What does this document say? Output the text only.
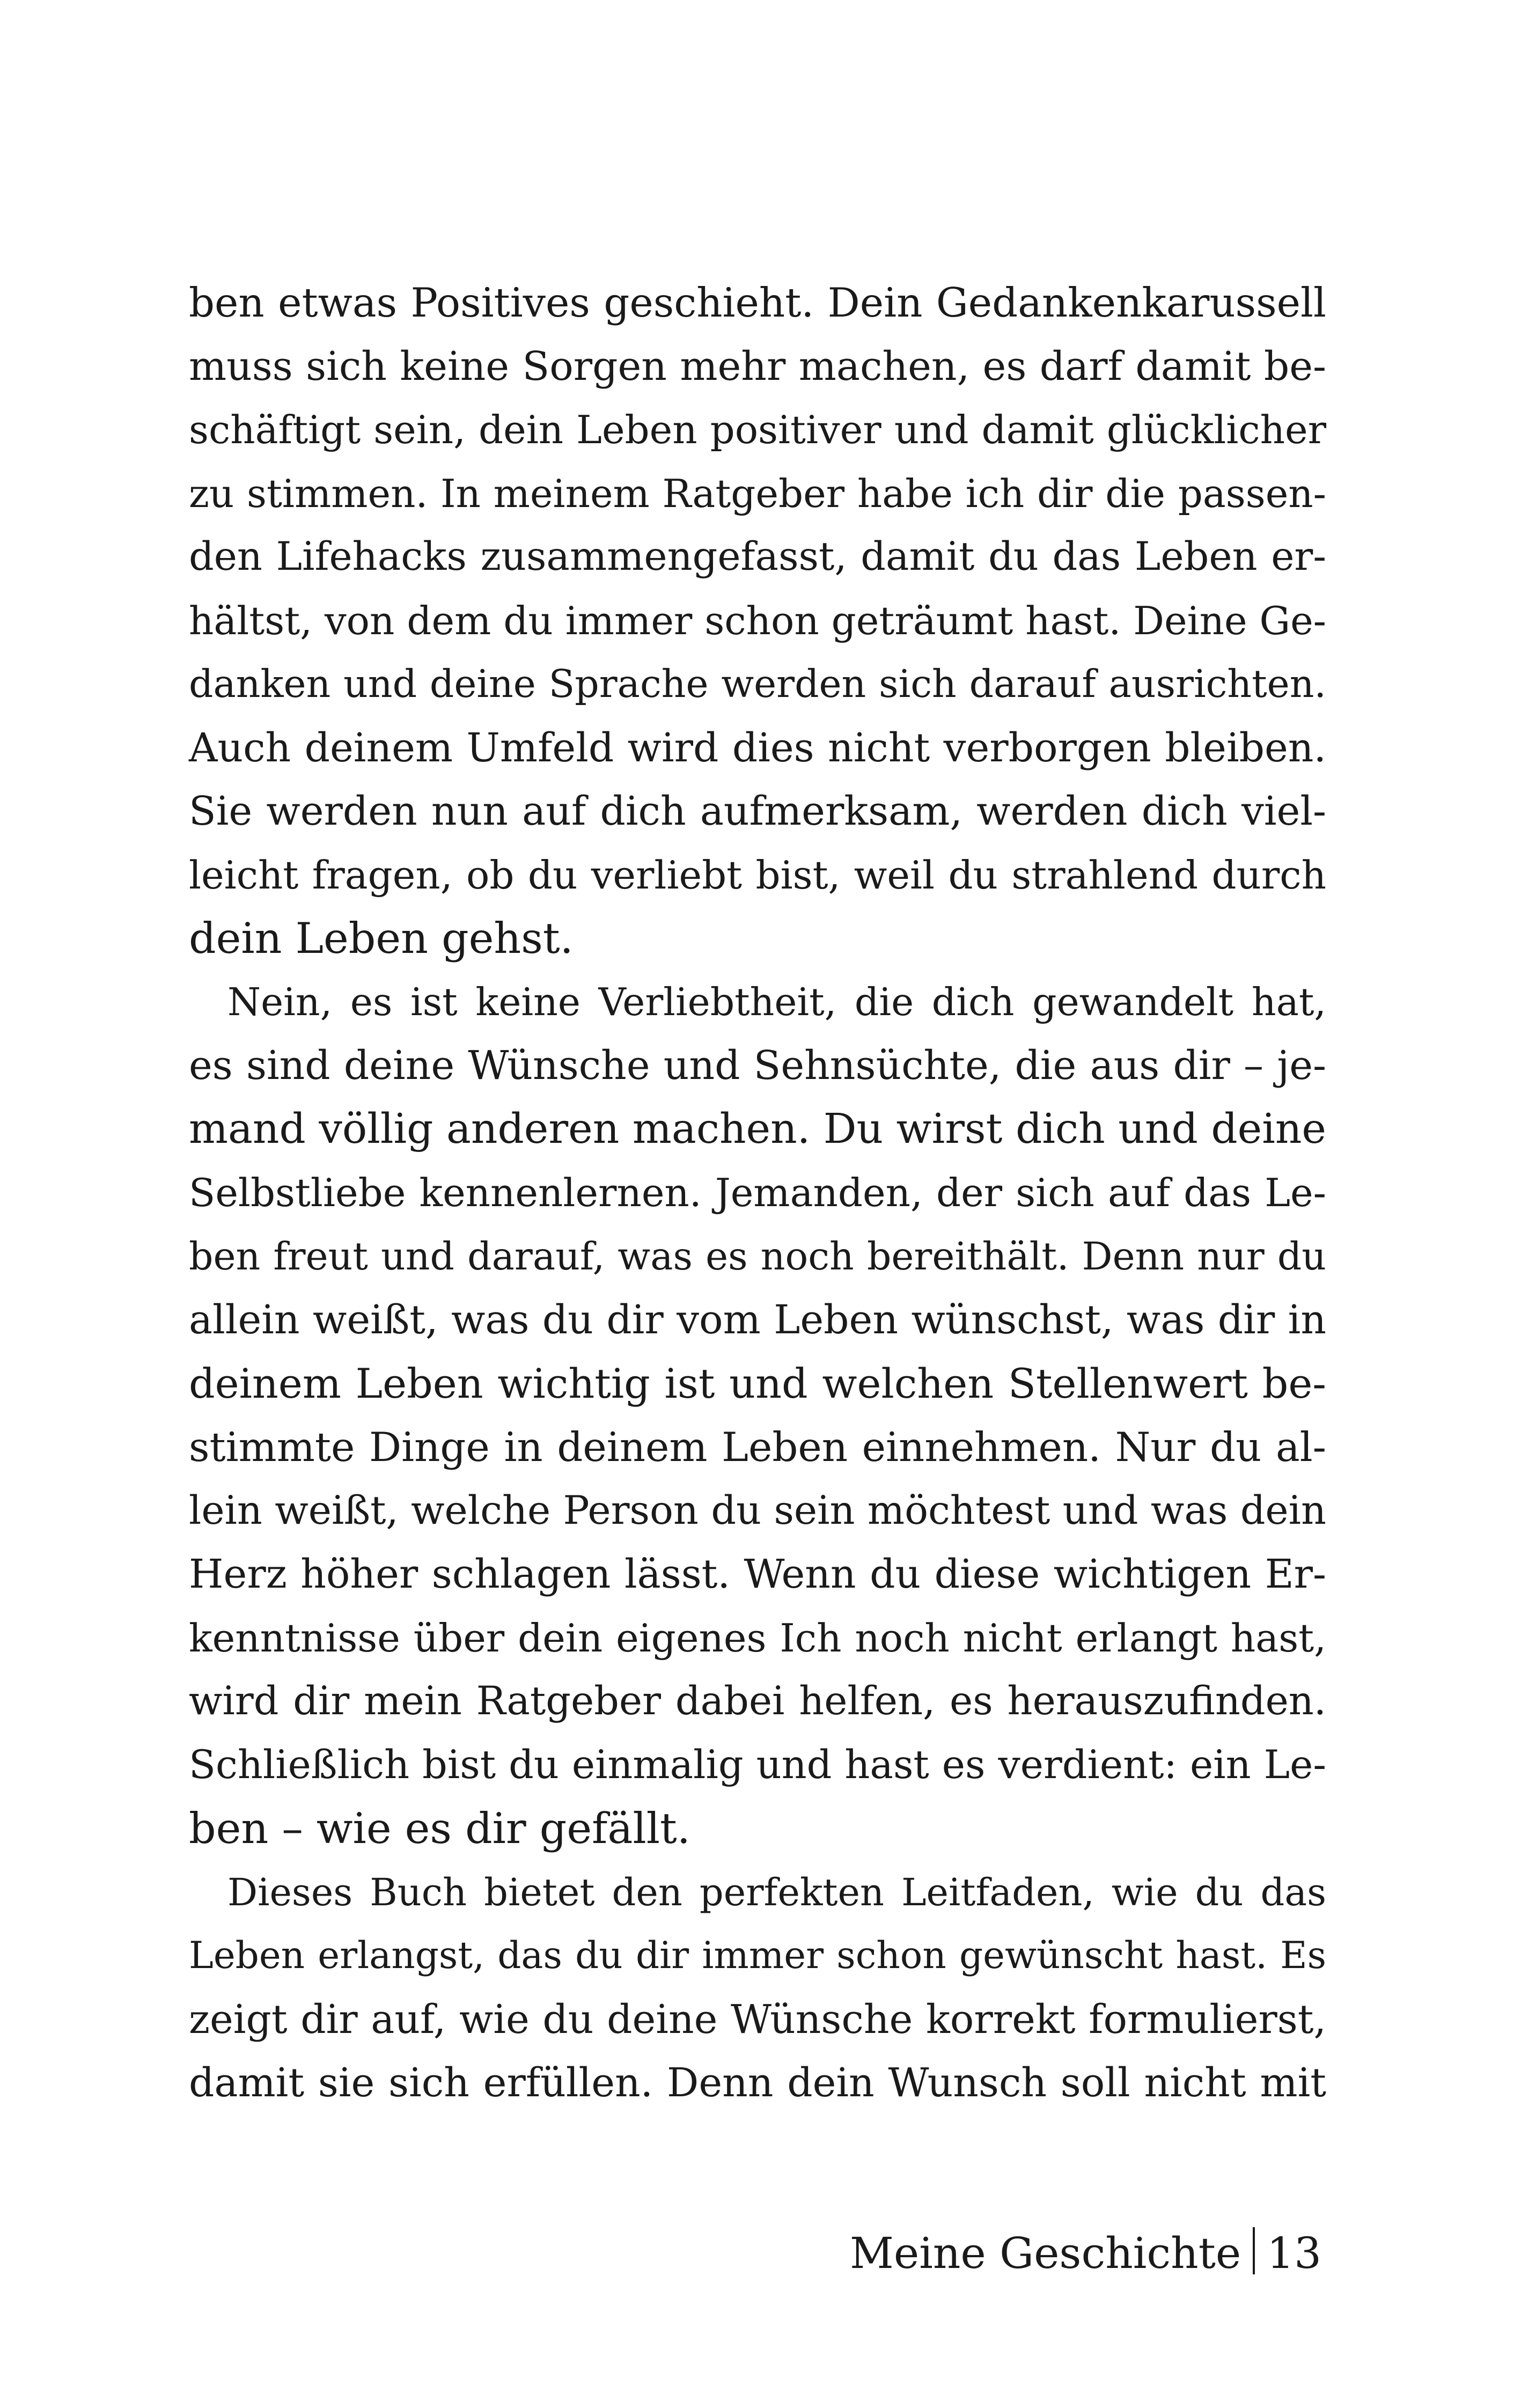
ben etwas Positives geschieht. Dein Gedankenkarussell
muss sich keine Sorgen mehr machen, es darf damit be-
schäftigt sein, dein Leben positiver und damit glücklicher
zu stimmen. In meinem Ratgeber habe ich dir die passen-
den Lifehacks zusammengefasst, damit du das Leben er-
hältst, von dem du immer schon geträumt hast. Deine Ge-
danken und deine Sprache werden sich darauf ausrichten.
Auch deinem Umfeld wird dies nicht verborgen bleiben.
Sie werden nun auf dich aufmerksam, werden dich viel-
leicht fragen, ob du verliebt bist, weil du strahlend durch
dein Leben gehst.
Nein, es ist keine Verliebtheit, die dich gewandelt hat,
es sind deine Wünsche und Sehnsüchte, die aus dir – je-
mand völlig anderen machen. Du wirst dich und deine
Selbstliebe kennenlernen. Jemanden, der sich auf das Le-
ben freut und darauf, was es noch bereithält. Denn nur du
allein weißt, was du dir vom Leben wünschst, was dir in
deinem Leben wichtig ist und welchen Stellenwert be-
stimmte Dinge in deinem Leben einnehmen. Nur du al-
lein weißt, welche Person du sein möchtest und was dein
Herz höher schlagen lässt. Wenn du diese wichtigen Er-
kenntnisse über dein eigenes Ich noch nicht erlangt hast,
wird dir mein Ratgeber dabei helfen, es herauszufinden.
Schließlich bist du einmalig und hast es verdient: ein Le-
ben – wie es dir gefällt.
Dieses Buch bietet den perfekten Leitfaden, wie du das
Leben erlangst, das du dir immer schon gewünscht hast. Es
zeigt dir auf, wie du deine Wünsche korrekt formulierst,
damit sie sich erfüllen. Denn dein Wunsch soll nicht mit
Meine Geschichte 13
